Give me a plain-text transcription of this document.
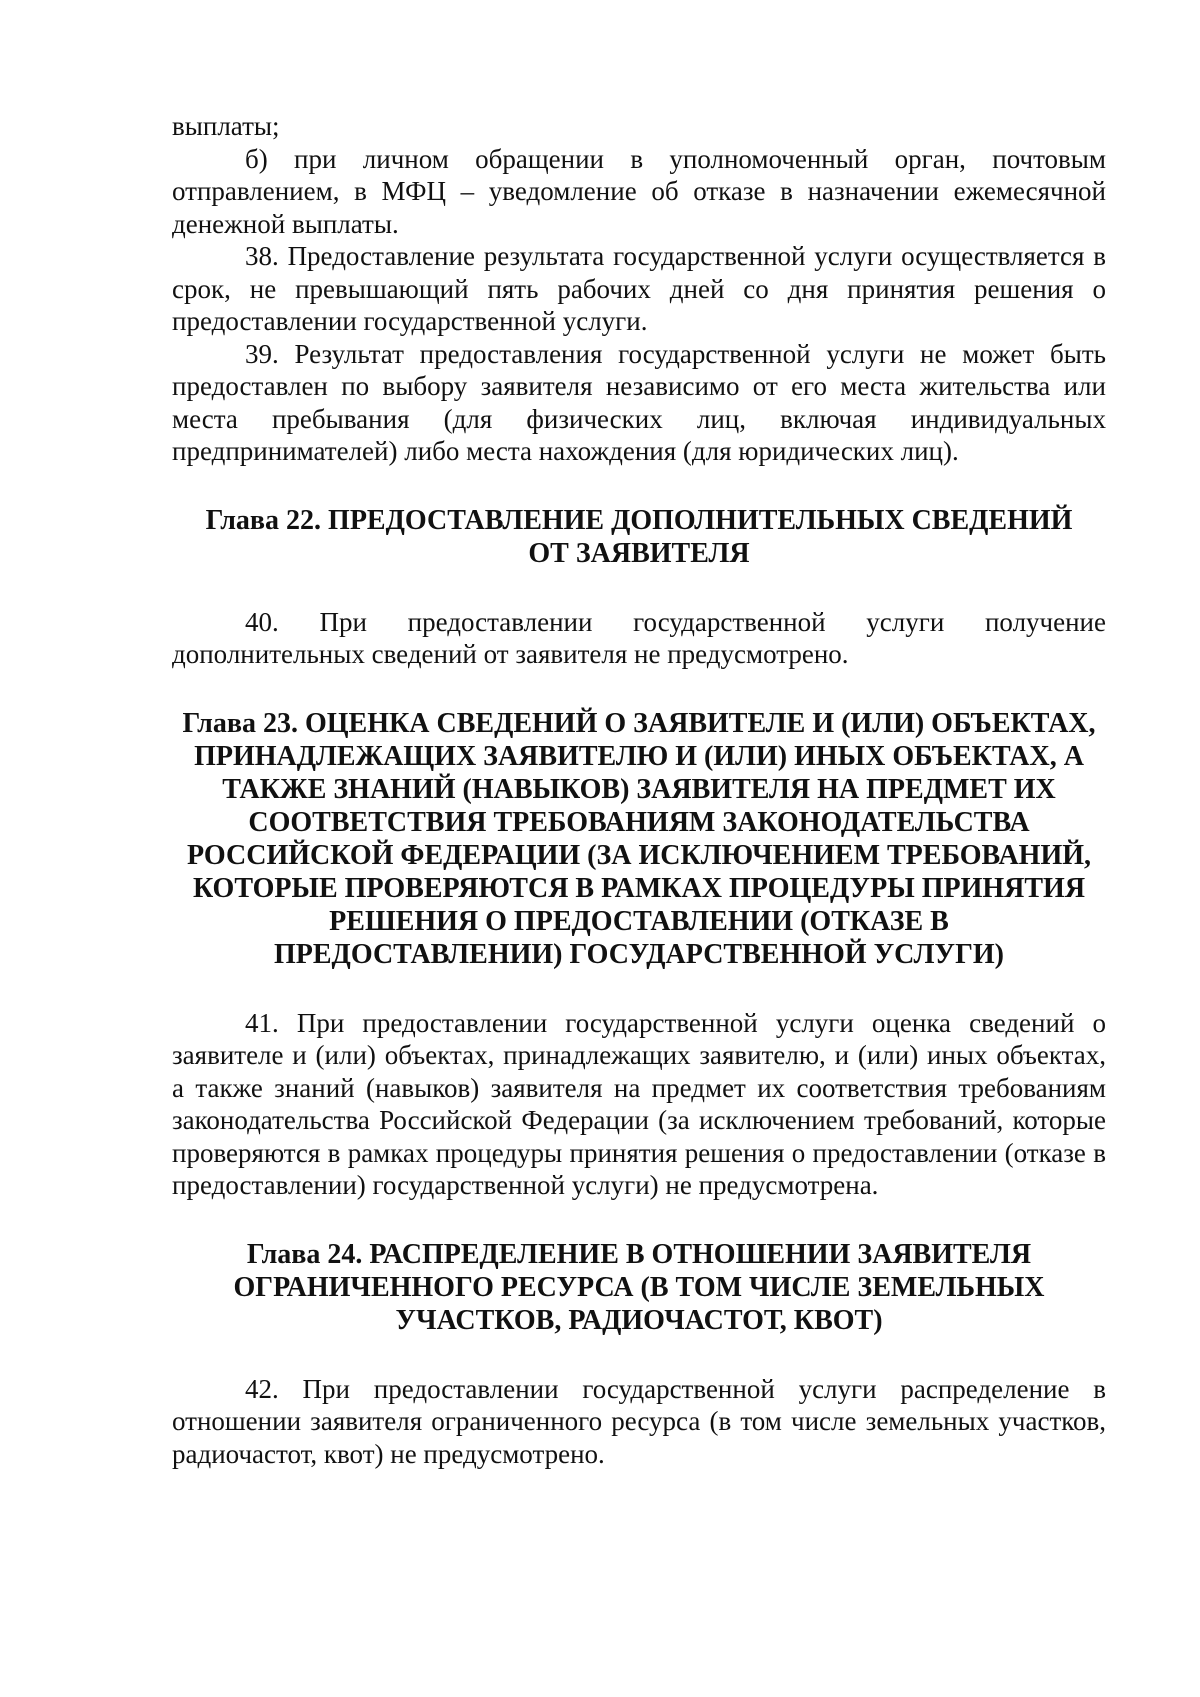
выплаты;

б) при личном обращении в уполномоченный орган, почтовым отправлением, в МФЦ – уведомление об отказе в назначении ежемесячной денежной выплаты.

38. Предоставление результата государственной услуги осуществляется в срок, не превышающий пять рабочих дней со дня принятия решения о предоставлении государственной услуги.

39. Результат предоставления государственной услуги не может быть предоставлен по выбору заявителя независимо от его места жительства или места пребывания (для физических лиц, включая индивидуальных предпринимателей) либо места нахождения (для юридических лиц).

Глава 22. ПРЕДОСТАВЛЕНИЕ ДОПОЛНИТЕЛЬНЫХ СВЕДЕНИЙ ОТ ЗАЯВИТЕЛЯ

40. При предоставлении государственной услуги получение дополнительных сведений от заявителя не предусмотрено.

Глава 23. ОЦЕНКА СВЕДЕНИЙ О ЗАЯВИТЕЛЕ И (ИЛИ) ОБЪЕКТАХ, ПРИНАДЛЕЖАЩИХ ЗАЯВИТЕЛЮ И (ИЛИ) ИНЫХ ОБЪЕКТАХ, А ТАКЖЕ ЗНАНИЙ (НАВЫКОВ) ЗАЯВИТЕЛЯ НА ПРЕДМЕТ ИХ СООТВЕТСТВИЯ ТРЕБОВАНИЯМ ЗАКОНОДАТЕЛЬСТВА РОССИЙСКОЙ ФЕДЕРАЦИИ (ЗА ИСКЛЮЧЕНИЕМ ТРЕБОВАНИЙ, КОТОРЫЕ ПРОВЕРЯЮТСЯ В РАМКАХ ПРОЦЕДУРЫ ПРИНЯТИЯ РЕШЕНИЯ О ПРЕДОСТАВЛЕНИИ (ОТКАЗЕ В ПРЕДОСТАВЛЕНИИ) ГОСУДАРСТВЕННОЙ УСЛУГИ)

41. При предоставлении государственной услуги оценка сведений о заявителе и (или) объектах, принадлежащих заявителю, и (или) иных объектах, а также знаний (навыков) заявителя на предмет их соответствия требованиям законодательства Российской Федерации (за исключением требований, которые проверяются в рамках процедуры принятия решения о предоставлении (отказе в предоставлении) государственной услуги) не предусмотрена.

Глава 24. РАСПРЕДЕЛЕНИЕ В ОТНОШЕНИИ ЗАЯВИТЕЛЯ ОГРАНИЧЕННОГО РЕСУРСА (В ТОМ ЧИСЛЕ ЗЕМЕЛЬНЫХ УЧАСТКОВ, РАДИОЧАСТОТ, КВОТ)

42. При предоставлении государственной услуги распределение в отношении заявителя ограниченного ресурса (в том числе земельных участков, радиочастот, квот) не предусмотрено.
